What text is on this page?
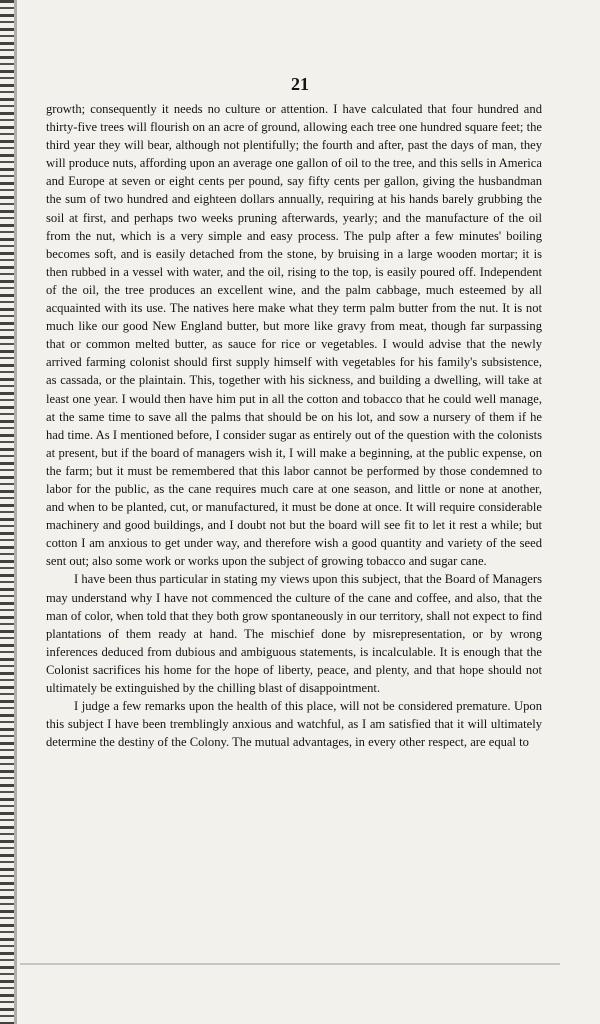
21

growth; consequently it needs no culture or attention. I have calculated that four hundred and thirty-five trees will flourish on an acre of ground, allowing each tree one hundred square feet; the third year they will bear, although not plentifully; the fourth and after, past the days of man, they will produce nuts, affording upon an average one gallon of oil to the tree, and this sells in America and Europe at seven or eight cents per pound, say fifty cents per gallon, giving the husbandman the sum of two hundred and eighteen dollars annually, requiring at his hands barely grubbing the soil at first, and perhaps two weeks pruning afterwards, yearly; and the manufacture of the oil from the nut, which is a very simple and easy process. The pulp after a few minutes' boiling becomes soft, and is easily detached from the stone, by bruising in a large wooden mortar; it is then rubbed in a vessel with water, and the oil, rising to the top, is easily poured off. Independent of the oil, the tree produces an excellent wine, and the palm cabbage, much esteemed by all acquainted with its use. The natives here make what they term palm butter from the nut. It is not much like our good New England butter, but more like gravy from meat, though far surpassing that or common melted butter, as sauce for rice or vegetables. I would advise that the newly arrived farming colonist should first supply himself with vegetables for his family's subsistence, as cassada, or the plaintain. This, together with his sickness, and building a dwelling, will take at least one year. I would then have him put in all the cotton and tobacco that he could well manage, at the same time to save all the palms that should be on his lot, and sow a nursery of them if he had time. As I mentioned before, I consider sugar as entirely out of the question with the colonists at present, but if the board of managers wish it, I will make a beginning, at the public expense, on the farm; but it must be remembered that this labor cannot be performed by those condemned to labor for the public, as the cane requires much care at one season, and little or none at another, and when to be planted, cut, or manufactured, it must be done at once. It will require considerable machinery and good buildings, and I doubt not but the board will see fit to let it rest a while; but cotton I am anxious to get under way, and therefore wish a good quantity and variety of the seed sent out; also some work or works upon the subject of growing tobacco and sugar cane.

I have been thus particular in stating my views upon this subject, that the Board of Managers may understand why I have not commenced the culture of the cane and coffee, and also, that the man of color, when told that they both grow spontaneously in our territory, shall not expect to find plantations of them ready at hand. The mischief done by misrepresentation, or by wrong inferences deduced from dubious and ambiguous statements, is incalculable. It is enough that the Colonist sacrifices his home for the hope of liberty, peace, and plenty, and that hope should not ultimately be extinguished by the chilling blast of disappointment.

I judge a few remarks upon the health of this place, will not be considered premature. Upon this subject I have been tremblingly anxious and watchful, as I am satisfied that it will ultimately determine the destiny of the Colony. The mutual advantages, in every other respect, are equal to
